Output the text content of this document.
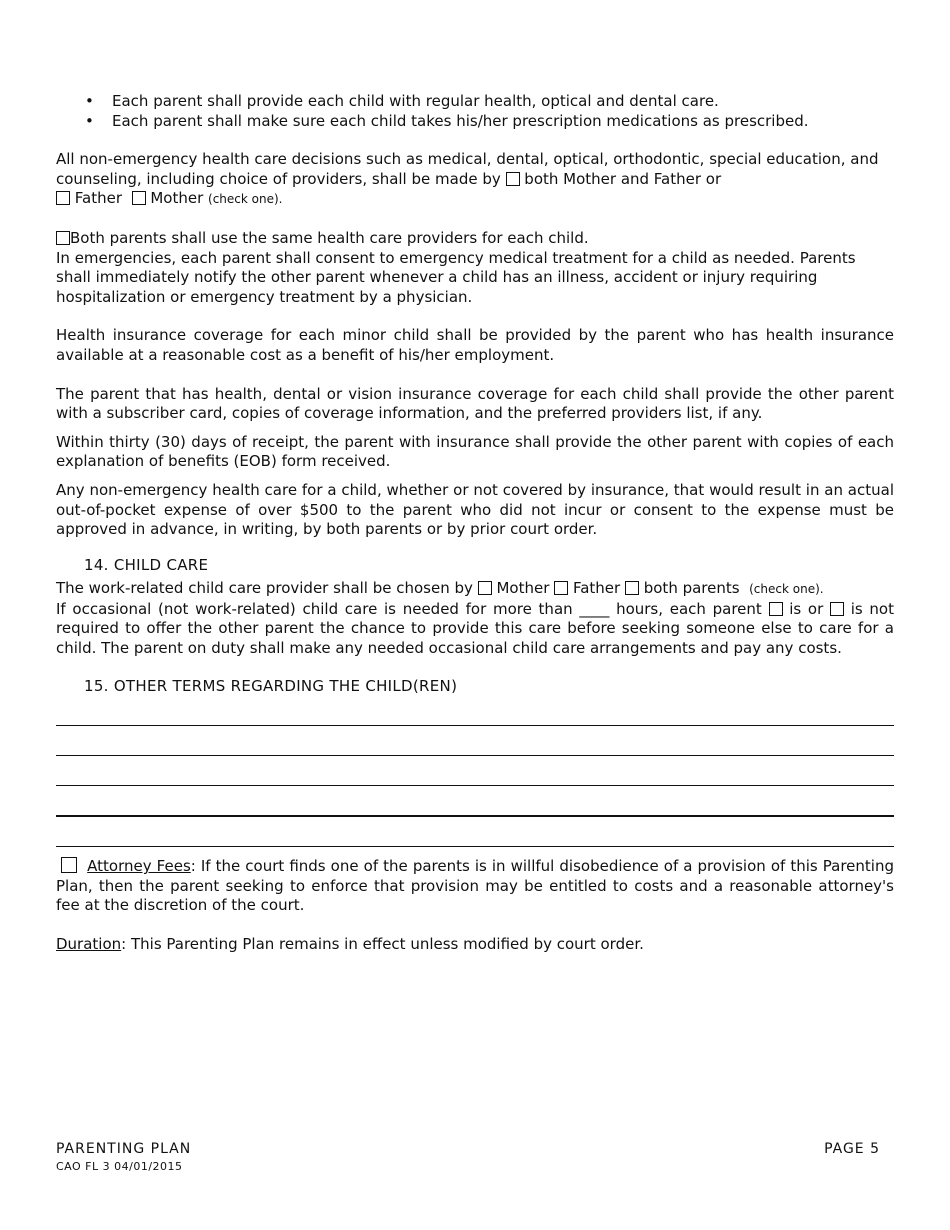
• Each parent shall provide each child with regular health, optical and dental care.
• Each parent shall make sure each child takes his/her prescription medications as prescribed.

All non-emergency health care decisions such as medical, dental, optical, orthodontic, special education, and counseling, including choice of providers, shall be made by both Mother and Father or
Father Mother (check one).

Both parents shall use the same health care providers for each child.

In emergencies, each parent shall consent to emergency medical treatment for a child as needed. Parents shall immediately notify the other parent whenever a child has an illness, accident or injury requiring hospitalization or emergency treatment by a physician.

Health insurance coverage for each minor child shall be provided by the parent who has health insurance available at a reasonable cost as a benefit of his/her employment.

The parent that has health, dental or vision insurance coverage for each child shall provide the other parent with a subscriber card, copies of coverage information, and the preferred providers list, if any.

Within thirty (30) days of receipt, the parent with insurance shall provide the other parent with copies of each explanation of benefits (EOB) form received.

Any non-emergency health care for a child, whether or not covered by insurance, that would result in an actual out-of-pocket expense of over $500 to the parent who did not incur or consent to the expense must be approved in advance, in writing, by both parents or by prior court order.

14. CHILD CARE

The work-related child care provider shall be chosen by Mother Father both parents (check one).

If occasional (not work-related) child care is needed for more than ____ hours, each parent is or is not required to offer the other parent the chance to provide this care before seeking someone else to care for a child. The parent on duty shall make any needed occasional child care arrangements and pay any costs.

15. OTHER TERMS REGARDING THE CHILD(REN)

Attorney Fees: If the court finds one of the parents is in willful disobedience of a provision of this Parenting Plan, then the parent seeking to enforce that provision may be entitled to costs and a reasonable attorney's fee at the discretion of the court.

Duration: This Parenting Plan remains in effect unless modified by court order.

PARENTING PLAN	PAGE 5
CAO FL 3 04/01/2015
